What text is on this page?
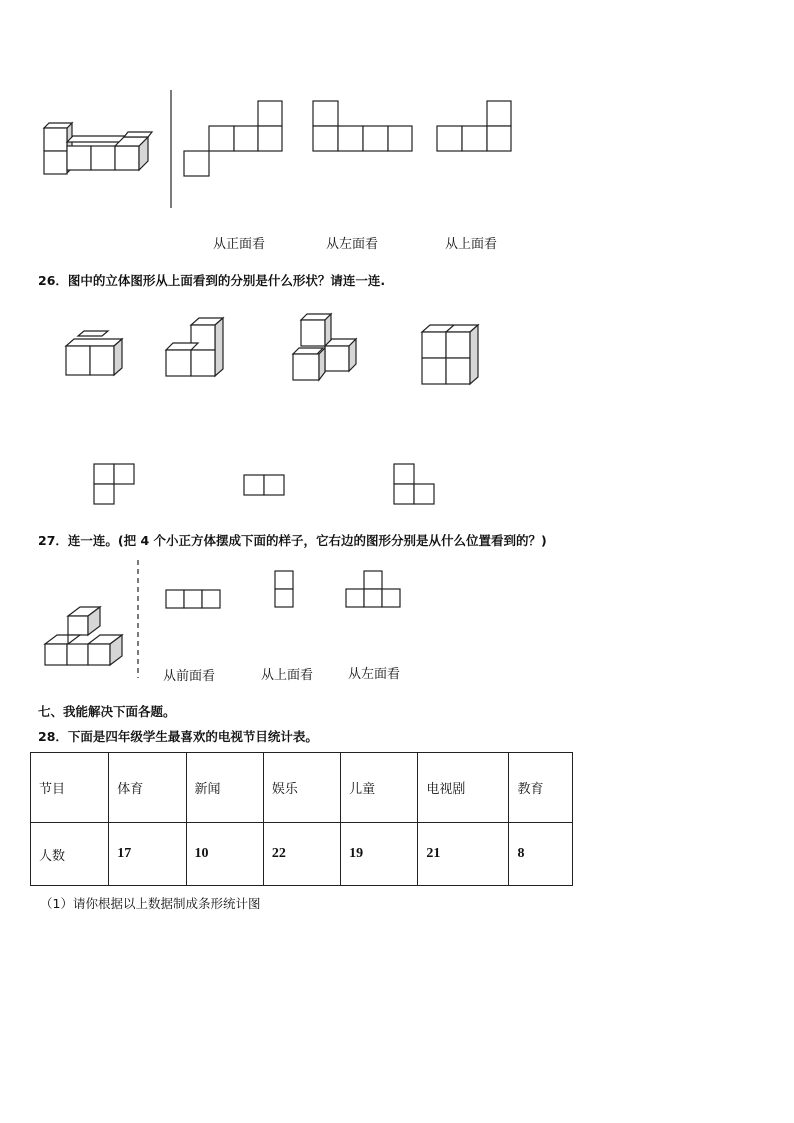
从正面看	从左面看	从上面看
26．图中的立体图形从上面看到的分别是什么形状？请连一连.
27．连一连。(把 4 个小正方体摆成下面的样子，它右边的图形分别是从什么位置看到的？)
从前面看	从上面看	从左面看
七、我能解决下面各题。
28．下面是四年级学生最喜欢的电视节目统计表。
节目	体育	新闻	娱乐	儿童	电视剧	教育
人数	17	10	22	19	21	8
（1）请你根据以上数据制成条形统计图
